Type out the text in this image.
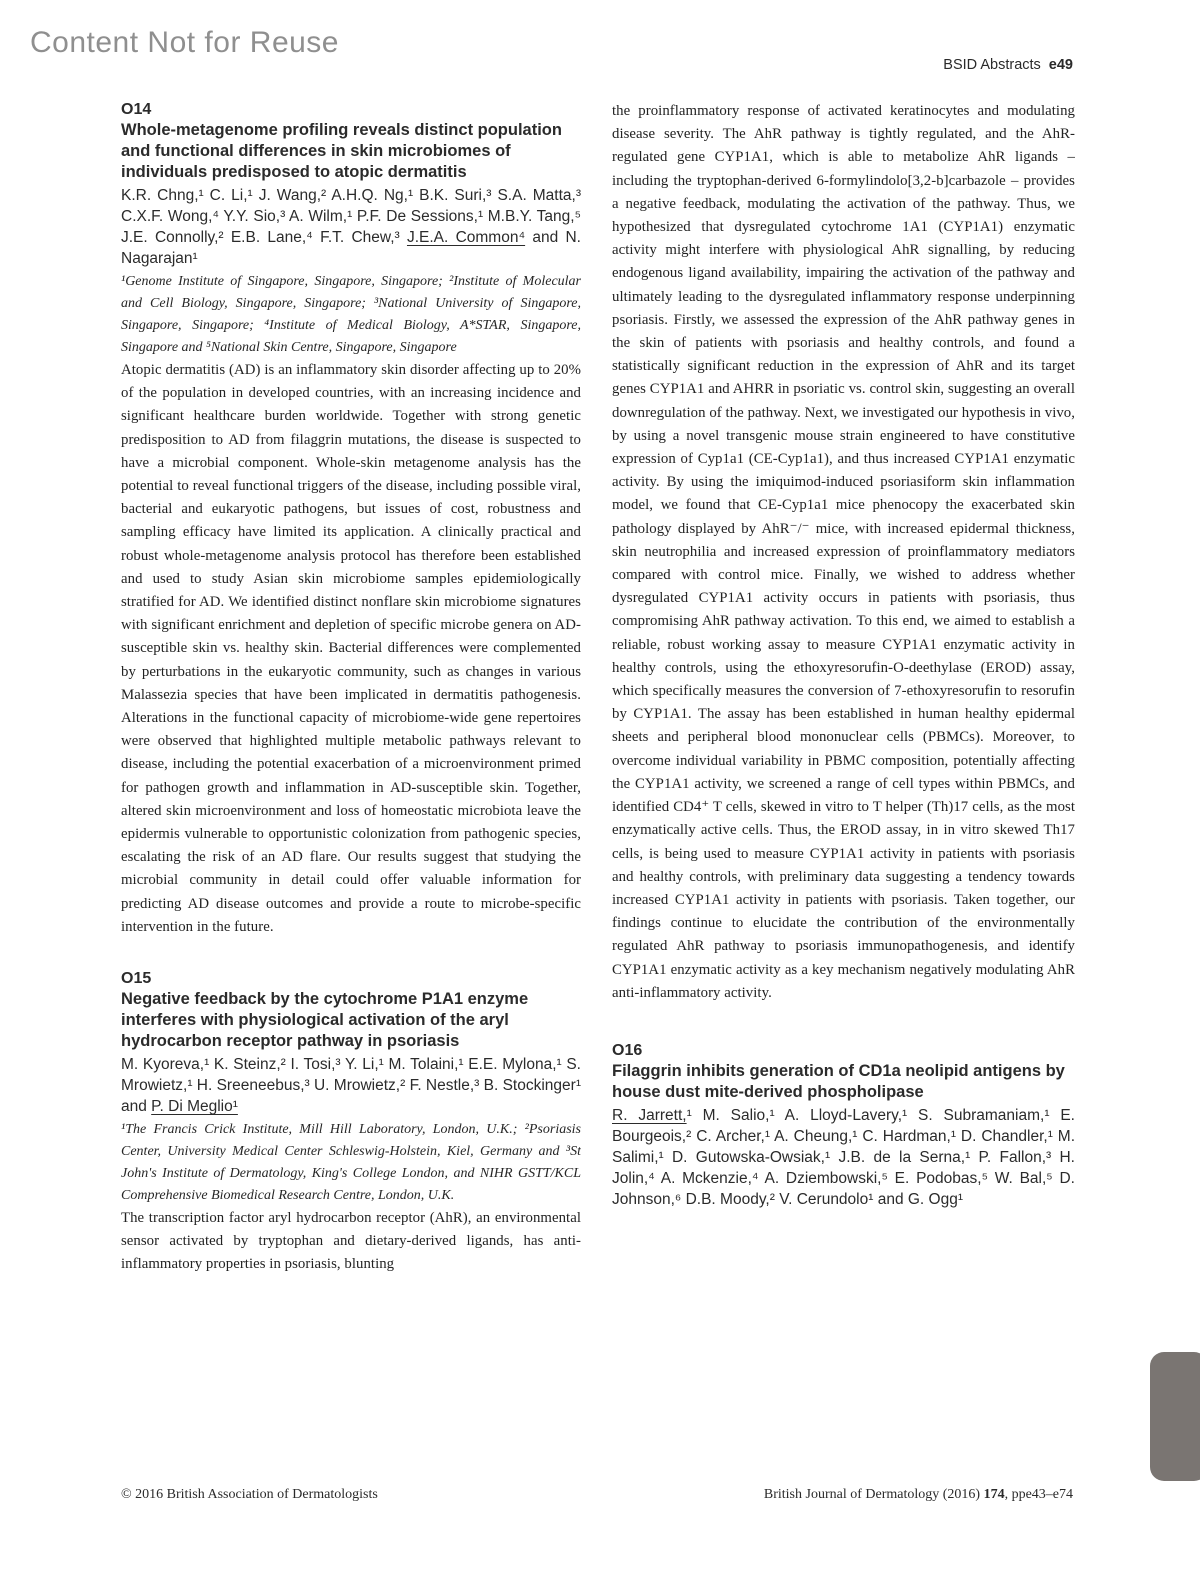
Content Not for Reuse
BSID Abstracts e49

O14

Whole-metagenome profiling reveals distinct population and functional differences in skin microbiomes of individuals predisposed to atopic dermatitis

K.R. Chng,¹ C. Li,¹ J. Wang,² A.H.Q. Ng,¹ B.K. Suri,³ S.A. Matta,³ C.X.F. Wong,⁴ Y.Y. Sio,³ A. Wilm,¹ P.F. De Sessions,¹ M.B.Y. Tang,⁵ J.E. Connolly,² E.B. Lane,⁴ F.T. Chew,³ J.E.A. Common⁴ and N. Nagarajan¹

¹Genome Institute of Singapore, Singapore, Singapore; ²Institute of Molecular and Cell Biology, Singapore, Singapore; ³National University of Singapore, Singapore, Singapore; ⁴Institute of Medical Biology, A*STAR, Singapore, Singapore and ⁵National Skin Centre, Singapore, Singapore

Atopic dermatitis (AD) is an inflammatory skin disorder affecting up to 20% of the population in developed countries, with an increasing incidence and significant healthcare burden worldwide. Together with strong genetic predisposition to AD from filaggrin mutations, the disease is suspected to have a microbial component. Whole-skin metagenome analysis has the potential to reveal functional triggers of the disease, including possible viral, bacterial and eukaryotic pathogens, but issues of cost, robustness and sampling efficacy have limited its application. A clinically practical and robust whole-metagenome analysis protocol has therefore been established and used to study Asian skin microbiome samples epidemiologically stratified for AD. We identified distinct nonflare skin microbiome signatures with significant enrichment and depletion of specific microbe genera on AD-susceptible skin vs. healthy skin. Bacterial differences were complemented by perturbations in the eukaryotic community, such as changes in various Malassezia species that have been implicated in dermatitis pathogenesis. Alterations in the functional capacity of microbiome-wide gene repertoires were observed that highlighted multiple metabolic pathways relevant to disease, including the potential exacerbation of a microenvironment primed for pathogen growth and inflammation in AD-susceptible skin. Together, altered skin microenvironment and loss of homeostatic microbiota leave the epidermis vulnerable to opportunistic colonization from pathogenic species, escalating the risk of an AD flare. Our results suggest that studying the microbial community in detail could offer valuable information for predicting AD disease outcomes and provide a route to microbe-specific intervention in the future.

O15

Negative feedback by the cytochrome P1A1 enzyme interferes with physiological activation of the aryl hydrocarbon receptor pathway in psoriasis

M. Kyoreva,¹ K. Steinz,² I. Tosi,³ Y. Li,¹ M. Tolaini,¹ E.E. Mylona,¹ S. Mrowietz,¹ H. Sreeneebus,³ U. Mrowietz,² F. Nestle,³ B. Stockinger¹ and P. Di Meglio¹

¹The Francis Crick Institute, Mill Hill Laboratory, London, U.K.; ²Psoriasis Center, University Medical Center Schleswig-Holstein, Kiel, Germany and ³St John's Institute of Dermatology, King's College London, and NIHR GSTT/KCL Comprehensive Biomedical Research Centre, London, U.K.

The transcription factor aryl hydrocarbon receptor (AhR), an environmental sensor activated by tryptophan and dietary-derived ligands, has anti-inflammatory properties in psoriasis, blunting

the proinflammatory response of activated keratinocytes and modulating disease severity. The AhR pathway is tightly regulated, and the AhR-regulated gene CYP1A1, which is able to metabolize AhR ligands – including the tryptophan-derived 6-formylindolo[3,2-b]carbazole – provides a negative feedback, modulating the activation of the pathway. Thus, we hypothesized that dysregulated cytochrome 1A1 (CYP1A1) enzymatic activity might interfere with physiological AhR signalling, by reducing endogenous ligand availability, impairing the activation of the pathway and ultimately leading to the dysregulated inflammatory response underpinning psoriasis. Firstly, we assessed the expression of the AhR pathway genes in the skin of patients with psoriasis and healthy controls, and found a statistically significant reduction in the expression of AhR and its target genes CYP1A1 and AHRR in psoriatic vs. control skin, suggesting an overall downregulation of the pathway. Next, we investigated our hypothesis in vivo, by using a novel transgenic mouse strain engineered to have constitutive expression of Cyp1a1 (CE-Cyp1a1), and thus increased CYP1A1 enzymatic activity. By using the imiquimod-induced psoriasiform skin inflammation model, we found that CE-Cyp1a1 mice phenocopy the exacerbated skin pathology displayed by AhR⁻/⁻ mice, with increased epidermal thickness, skin neutrophilia and increased expression of proinflammatory mediators compared with control mice. Finally, we wished to address whether dysregulated CYP1A1 activity occurs in patients with psoriasis, thus compromising AhR pathway activation. To this end, we aimed to establish a reliable, robust working assay to measure CYP1A1 enzymatic activity in healthy controls, using the ethoxyresorufin-O-deethylase (EROD) assay, which specifically measures the conversion of 7-ethoxyresorufin to resorufin by CYP1A1. The assay has been established in human healthy epidermal sheets and peripheral blood mononuclear cells (PBMCs). Moreover, to overcome individual variability in PBMC composition, potentially affecting the CYP1A1 activity, we screened a range of cell types within PBMCs, and identified CD4⁺ T cells, skewed in vitro to T helper (Th)17 cells, as the most enzymatically active cells. Thus, the EROD assay, in in vitro skewed Th17 cells, is being used to measure CYP1A1 activity in patients with psoriasis and healthy controls, with preliminary data suggesting a tendency towards increased CYP1A1 activity in patients with psoriasis. Taken together, our findings continue to elucidate the contribution of the environmentally regulated AhR pathway to psoriasis immunopathogenesis, and identify CYP1A1 enzymatic activity as a key mechanism negatively modulating AhR anti-inflammatory activity.

O16

Filaggrin inhibits generation of CD1a neolipid antigens by house dust mite-derived phospholipase

R. Jarrett,¹ M. Salio,¹ A. Lloyd-Lavery,¹ S. Subramaniam,¹ E. Bourgeois,² C. Archer,¹ A. Cheung,¹ C. Hardman,¹ D. Chandler,¹ M. Salimi,¹ D. Gutowska-Owsiak,¹ J.B. de la Serna,¹ P. Fallon,³ H. Jolin,⁴ A. Mckenzie,⁴ A. Dziembowski,⁵ E. Podobas,⁵ W. Bal,⁵ D. Johnson,⁶ D.B. Moody,² V. Cerundolo¹ and G. Ogg¹

© 2016 British Association of Dermatologists	British Journal of Dermatology (2016) 174, ppe43–e74
